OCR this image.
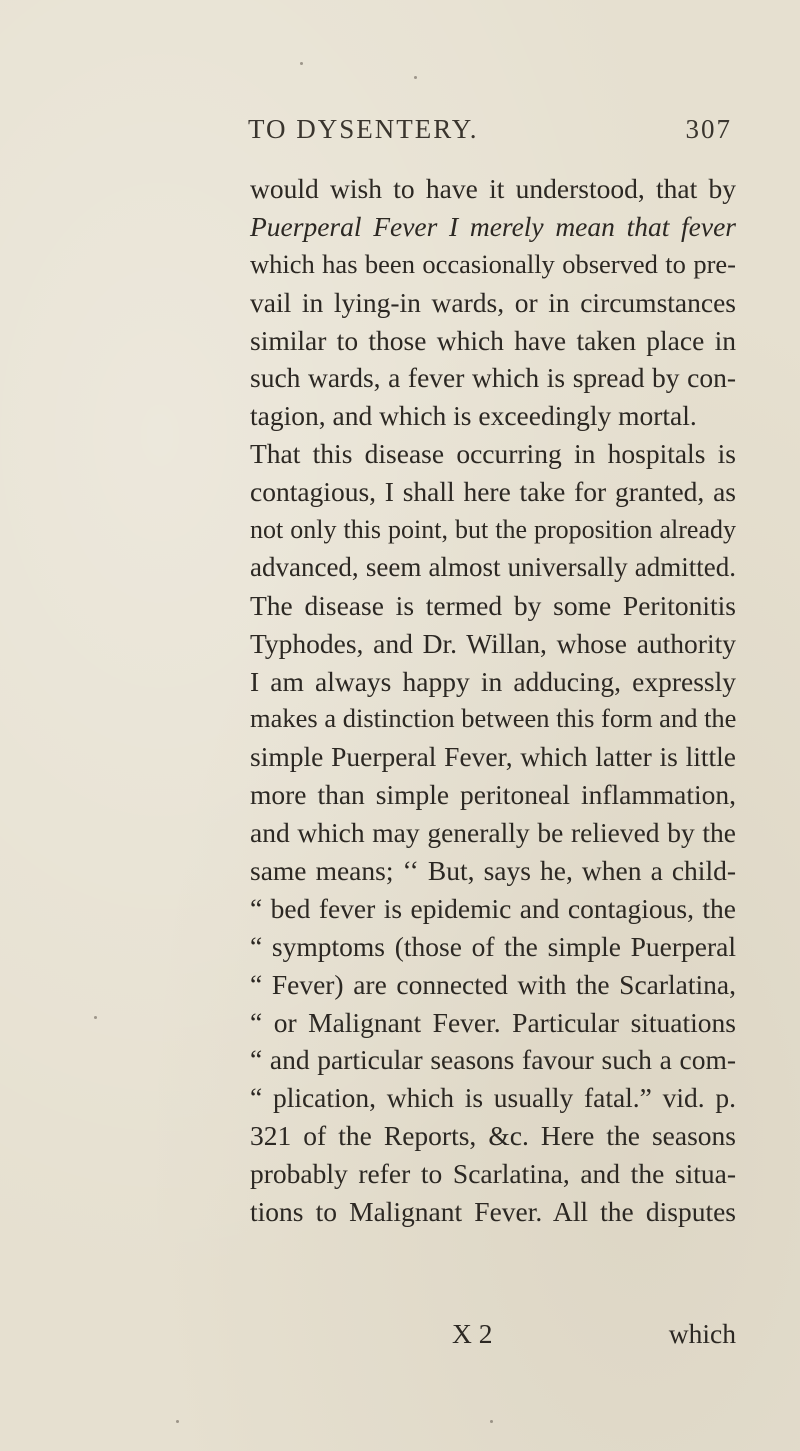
TO DYSENTERY.	307
would wish to have it understood, that by
Puerperal Fever I merely mean that fever
which has been occasionally observed to pre-
vail in lying-in wards, or in circumstances
similar to those which have taken place in
such wards, a fever which is spread by con-
tagion, and which is exceedingly mortal.
That this disease occurring in hospitals is
contagious, I shall here take for granted, as
not only this point, but the proposition already
advanced, seem almost universally admitted.
The disease is termed by some Peritonitis
Typhodes, and Dr. Willan, whose authority
I am always happy in adducing, expressly
makes a distinction between this form and the
simple Puerperal Fever, which latter is little
more than simple peritoneal inflammation,
and which may generally be relieved by the
same means; ‘‘ But, says he, when a child-
“ bed fever is epidemic and contagious, the
“ symptoms (those of the simple Puerperal
“ Fever) are connected with the Scarlatina,
“ or Malignant Fever. Particular situations
“ and particular seasons favour such a com-
“ plication, which is usually fatal.” vid. p.
321 of the Reports, &c. Here the seasons
probably refer to Scarlatina, and the situa-
tions to Malignant Fever. All the disputes
X 2	which
